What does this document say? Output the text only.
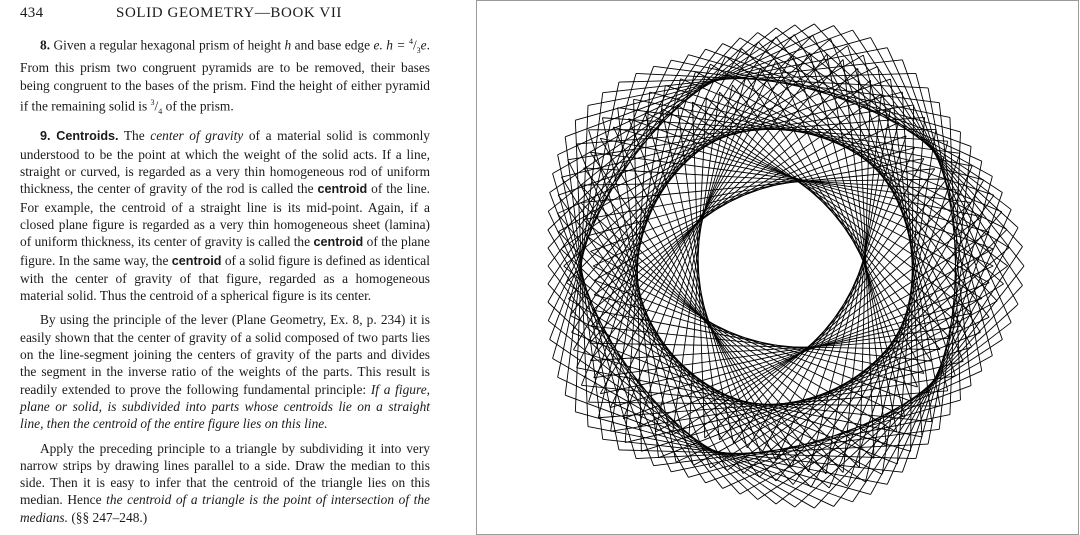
434	SOLID GEOMETRY—BOOK VII

8. Given a regular hexagonal prism of height h and base edge e. $h = ^4/_3e$. From this prism two congruent pyramids are to be removed, their bases being congruent to the bases of the prism. Find the height of either pyramid if the remaining solid is $^3/_4$ of the prism.

9. Centroids. The center of gravity of a material solid is commonly understood to be the point at which the weight of the solid acts. If a line, straight or curved, is regarded as a very thin homogeneous rod of uniform thickness, the center of gravity of the rod is called the centroid of the line. For example, the centroid of a straight line is its mid-point. Again, if a closed plane figure is regarded as a very thin homogeneous sheet (lamina) of uniform thickness, its center of gravity is called the centroid of the plane figure. In the same way, the centroid of a solid figure is defined as identical with the center of gravity of that figure, regarded as a homogeneous material solid. Thus the centroid of a spherical figure is its center.

By using the principle of the lever (Plane Geometry, Ex. 8, p. 234) it is easily shown that the center of gravity of a solid composed of two parts lies on the line-segment joining the centers of gravity of the parts and divides the segment in the inverse ratio of the weights of the parts. This result is readily extended to prove the following fundamental principle: If a figure, plane or solid, is subdivided into parts whose centroids lie on a straight line, then the centroid of the entire figure lies on this line.

Apply the preceding principle to a triangle by subdividing it into very narrow strips by drawing lines parallel to a side. Draw the median to this side. Then it is easy to infer that the centroid of the triangle lies on this median. Hence the centroid of a triangle is the point of intersection of the medians. (§§ 247–248.)
